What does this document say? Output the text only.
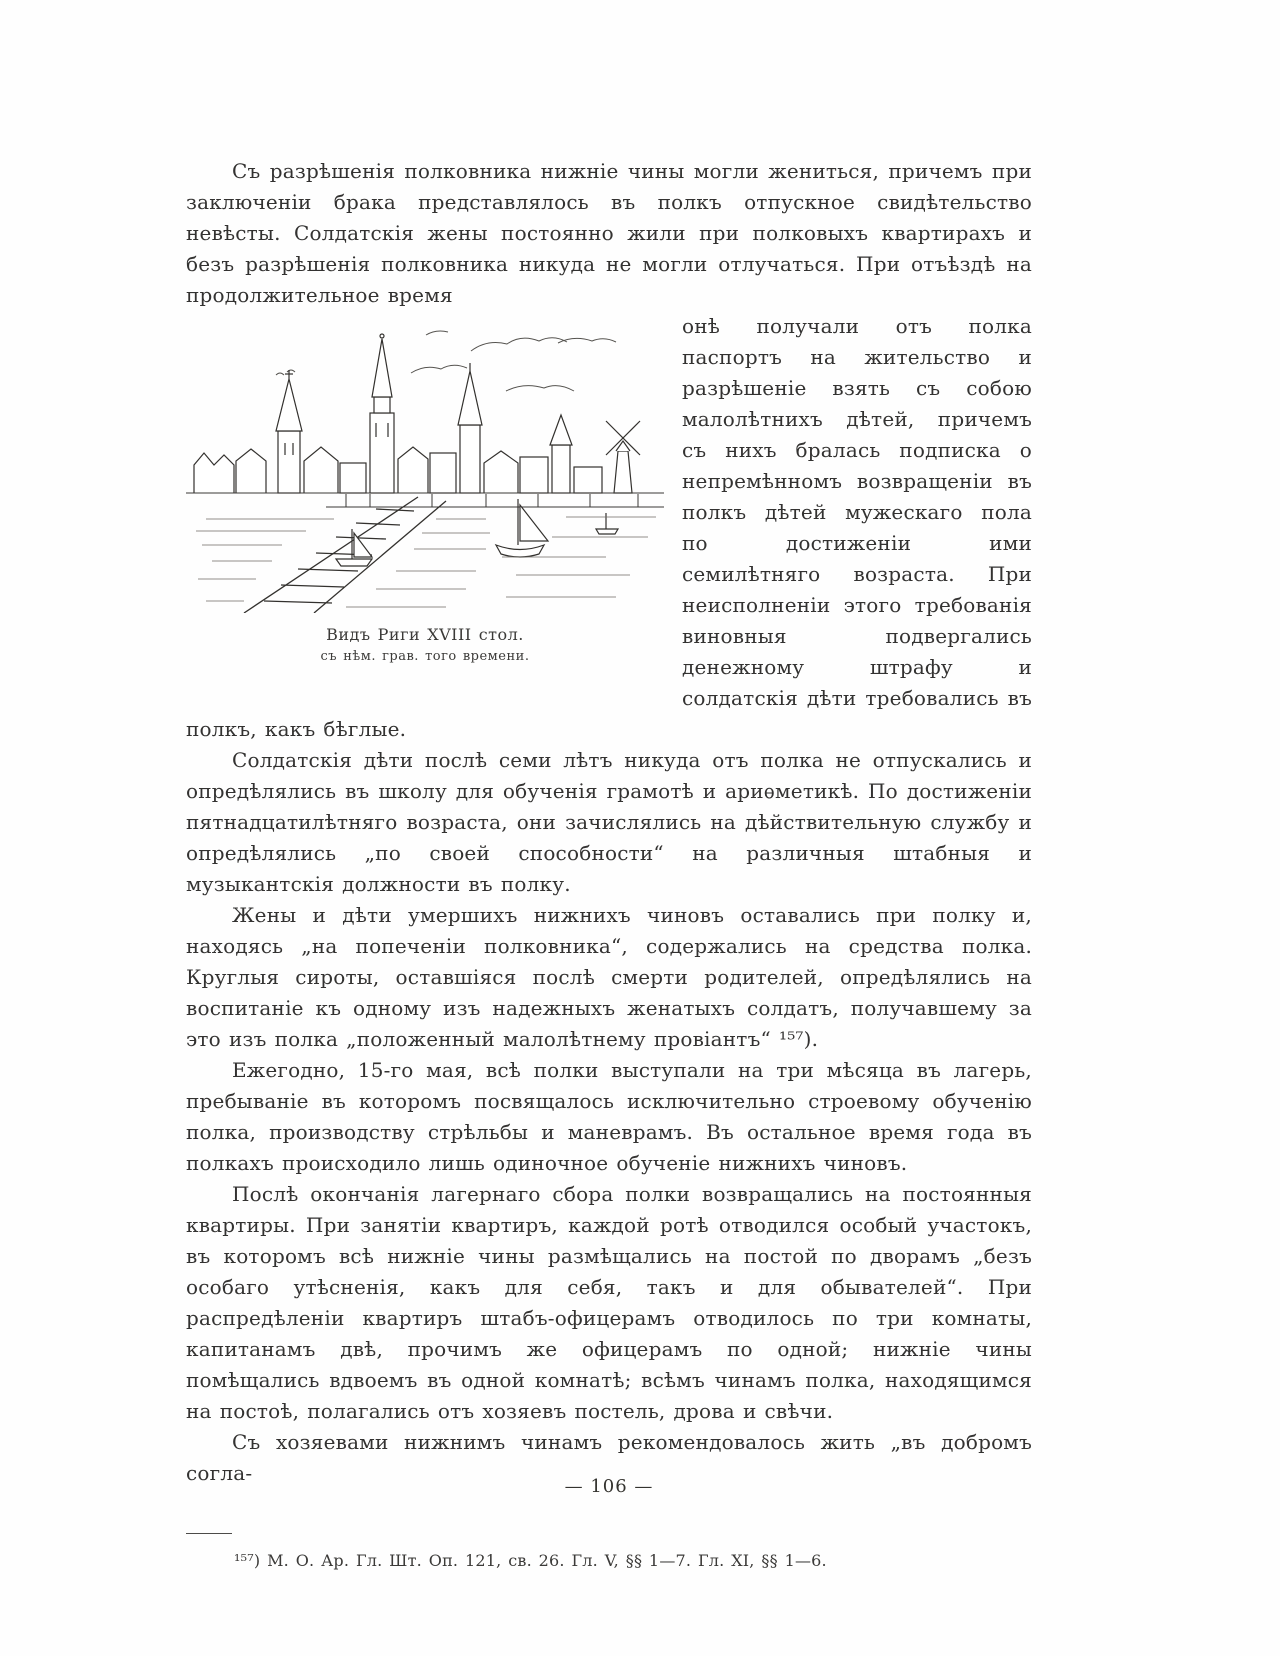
Съ разрѣшенія полковника нижніе чины могли жениться, причемъ при заключеніи брака представлялось въ полкъ отпускное свидѣтельство невѣсты. Солдатскія жены постоянно жили при полковыхъ квартирахъ и безъ разрѣшенія полковника никуда не могли отлучаться. При отъѣздѣ на продолжительное время

Видъ Риги XVIII стол.
съ нѣм. грав. того времени.

онѣ получали отъ полка паспортъ на жительство и разрѣшеніе взять съ собою малолѣтнихъ дѣтей, причемъ съ нихъ бралась подписка о непремѣнномъ возвращеніи въ полкъ дѣтей мужескаго пола по достиженіи ими семилѣтняго возраста. При неисполненіи этого требованія виновныя подвергались денежному штрафу и солдатскія дѣти требовались въ полкъ, какъ бѣглые.

Солдатскія дѣти послѣ семи лѣтъ никуда отъ полка не отпускались и опредѣлялись въ школу для обученія грамотѣ и ариѳметикѣ. По достиженіи пятнадцатилѣтняго возраста, они зачислялись на дѣйствительную службу и опредѣлялись „по своей способности“ на различныя штабныя и музыкантскія должности въ полку.

Жены и дѣти умершихъ нижнихъ чиновъ оставались при полку и, находясь „на попеченіи полковника“, содержались на средства полка. Круглыя сироты, оставшіяся послѣ смерти родителей, опредѣлялись на воспитаніе къ одному изъ надежныхъ женатыхъ солдатъ, получавшему за это изъ полка „положенный малолѣтнему провіантъ“ ¹⁵⁷).

Ежегодно, 15-го мая, всѣ полки выступали на три мѣсяца въ лагерь, пребываніе въ которомъ посвящалось исключительно строевому обученію полка, производству стрѣльбы и маневрамъ. Въ остальное время года въ полкахъ происходило лишь одиночное обученіе нижнихъ чиновъ.

Послѣ окончанія лагернаго сбора полки возвращались на постоянныя квартиры. При занятіи квартиръ, каждой ротѣ отводился особый участокъ, въ которомъ всѣ нижніе чины размѣщались на постой по дворамъ „безъ особаго утѣсненія, какъ для себя, такъ и для обывателей“. При распредѣленіи квартиръ штабъ-офицерамъ отводилось по три комнаты, капитанамъ двѣ, прочимъ же офицерамъ по одной; нижніе чины помѣщались вдвоемъ въ одной комнатѣ; всѣмъ чинамъ полка, находящимся на постоѣ, полагались отъ хозяевъ постель, дрова и свѣчи.

Съ хозяевами нижнимъ чинамъ рекомендовалось жить „въ добромъ согла-

¹⁵⁷) М. О. Ар. Гл. Шт. Оп. 121, св. 26. Гл. V, §§ 1—7. Гл. XI, §§ 1—6.

— 106 —
